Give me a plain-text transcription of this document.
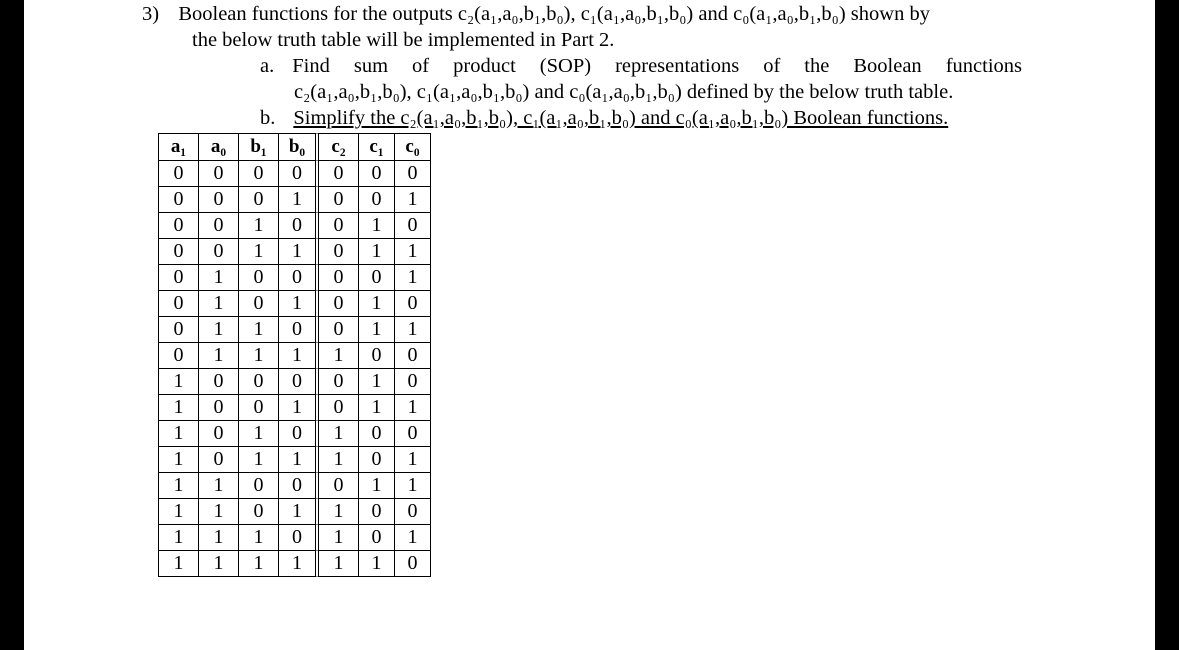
3) Boolean functions for the outputs c₂(a₁,a₀,b₁,b₀), c₁(a₁,a₀,b₁,b₀) and c₀(a₁,a₀,b₁,b₀) shown by
the below truth table will be implemented in Part 2.
a. Find sum of product (SOP) representations of the Boolean functions
c₂(a₁,a₀,b₁,b₀), c₁(a₁,a₀,b₁,b₀) and c₀(a₁,a₀,b₁,b₀) defined by the below truth table.
b. Simplify the c₂(a₁,a₀,b₁,b₀), c₁(a₁,a₀,b₁,b₀) and c₀(a₁,a₀,b₁,b₀) Boolean functions.
a₁	a₀	b₁	b₀	c₂	c₁	c₀
0	0	0	0	0	0	0
0	0	0	1	0	0	1
0	0	1	0	0	1	0
0	0	1	1	0	1	1
0	1	0	0	0	0	1
0	1	0	1	0	1	0
0	1	1	0	0	1	1
0	1	1	1	1	0	0
1	0	0	0	0	1	0
1	0	0	1	0	1	1
1	0	1	0	1	0	0
1	0	1	1	1	0	1
1	1	0	0	0	1	1
1	1	0	1	1	0	0
1	1	1	0	1	0	1
1	1	1	1	1	1	0
